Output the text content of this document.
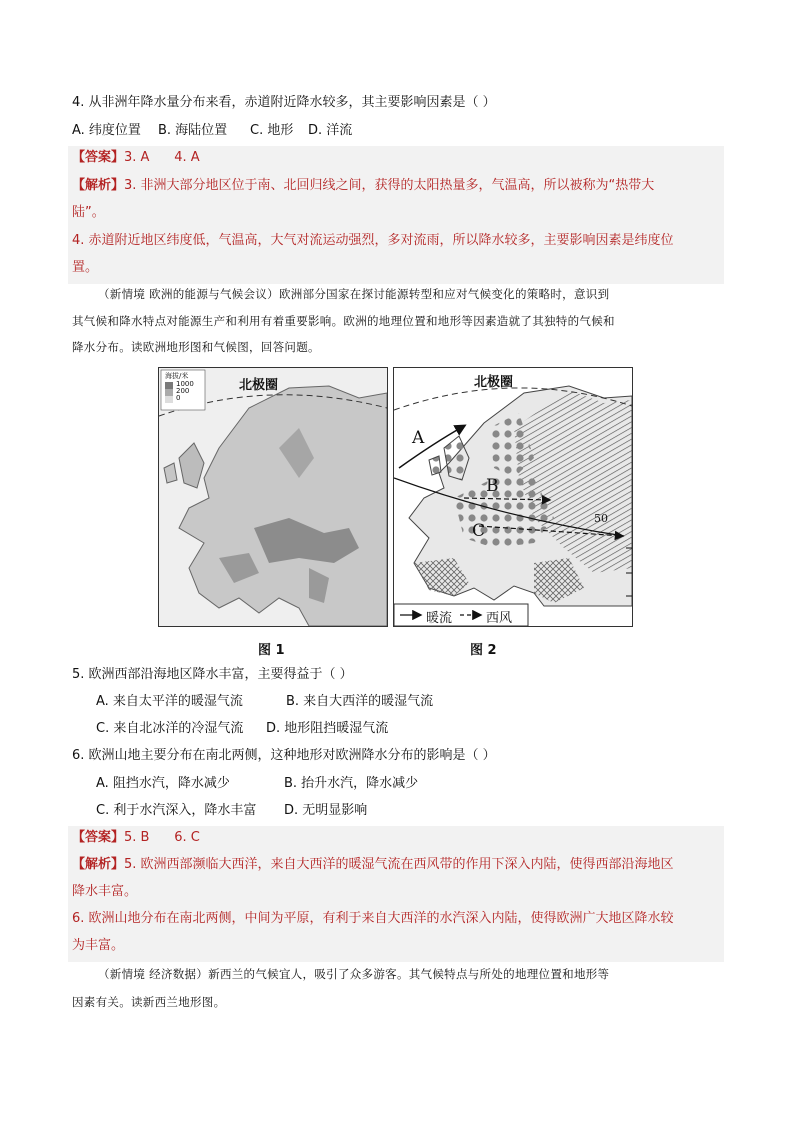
4. 从非洲年降水量分布来看，赤道附近降水较多，其主要影响因素是（ ）
A. 纬度位置 B. 海陆位置 C. 地形 D. 洋流
【答案】3. A      4. A
【解析】3. 非洲大部分地区位于南、北回归线之间，获得的太阳热量多，气温高，所以被称为“热带大
陆”。
4. 赤道附近地区纬度低，气温高，大气对流运动强烈，多对流雨，所以降水较多，主要影响因素是纬度位
置。
（新情境 欧洲的能源与气候会议）欧洲部分国家在探讨能源转型和应对气候变化的策略时，意识到
其气候和降水特点对能源生产和利用有着重要影响。欧洲的地理位置和地形等因素造就了其独特的气候和
降水分布。读欧洲地形图和气候图，回答问题。
海拔/米
1000
200
0
北极圈	北极圈
A
B
C
50
暖流	西风
图 1	图 2
5. 欧洲西部沿海地区降水丰富，主要得益于（ ）
A. 来自太平洋的暖湿气流	B. 来自大西洋的暖湿气流
C. 来自北冰洋的冷湿气流 D. 地形阻挡暖湿气流
6. 欧洲山地主要分布在南北两侧，这种地形对欧洲降水分布的影响是（ ）
A. 阻挡水汽，降水减少	B. 抬升水汽，降水减少
C. 利于水汽深入，降水丰富 D. 无明显影响
【答案】5. B      6. C
【解析】5. 欧洲西部濒临大西洋，来自大西洋的暖湿气流在西风带的作用下深入内陆，使得西部沿海地区
降水丰富。
6. 欧洲山地分布在南北两侧，中间为平原，有利于来自大西洋的水汽深入内陆，使得欧洲广大地区降水较
为丰富。
（新情境 经济数据）新西兰的气候宜人，吸引了众多游客。其气候特点与所处的地理位置和地形等
因素有关。读新西兰地形图。
